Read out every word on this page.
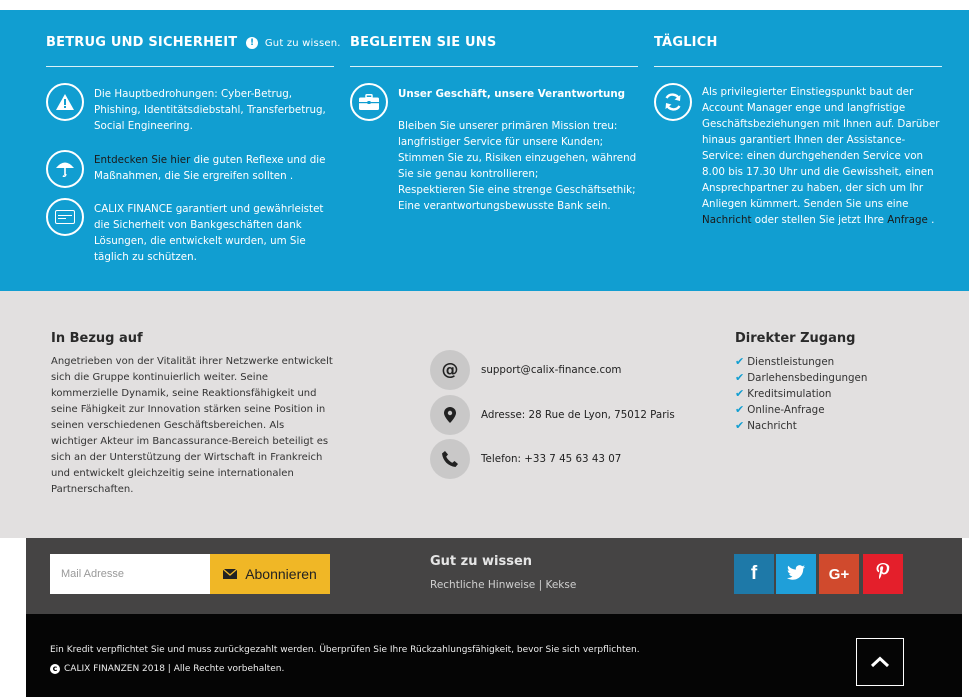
BETRUG UND SICHERHEIT ! Gut zu wissen.

Die Hauptbedrohungen: Cyber-Betrug, Phishing, Identitätsdiebstahl, Transferbetrug, Social Engineering.

Entdecken Sie hier die guten Reflexe und die Maßnahmen, die Sie ergreifen sollten .

CALIX FINANCE garantiert und gewährleistet die Sicherheit von Bankgeschäften dank Lösungen, die entwickelt wurden, um Sie täglich zu schützen.

BEGLEITEN SIE UNS

Unser Geschäft, unsere Verantwortung

Bleiben Sie unserer primären Mission treu: langfristiger Service für unsere Kunden;

Stimmen Sie zu, Risiken einzugehen, während Sie sie genau kontrollieren;

Respektieren Sie eine strenge Geschäftsethik; Eine verantwortungsbewusste Bank sein.

TÄGLICH

Als privilegierter Einstiegspunkt baut der Account Manager enge und langfristige Geschäftsbeziehungen mit Ihnen auf. Darüber hinaus garantiert Ihnen der Assistance-Service: einen durchgehenden Service von 8.00 bis 17.30 Uhr und die Gewissheit, einen Ansprechpartner zu haben, der sich um Ihr Anliegen kümmert. Senden Sie uns eine Nachricht oder stellen Sie jetzt Ihre Anfrage .

In Bezug auf

Angetrieben von der Vitalität ihrer Netzwerke entwickelt sich die Gruppe kontinuierlich weiter. Seine kommerzielle Dynamik, seine Reaktionsfähigkeit und seine Fähigkeit zur Innovation stärken seine Position in seinen verschiedenen Geschäftsbereichen. Als wichtiger Akteur im Bancassurance-Bereich beteiligt es sich an der Unterstützung der Wirtschaft in Frankreich und entwickelt gleichzeitig seine internationalen Partnerschaften.

@	support@calix-finance.com
Adresse: 28 Rue de Lyon, 75012 Paris
Telefon: +33 7 45 63 43 07
Direkter Zugang
✔ Dienstleistungen
✔ Darlehensbedingungen
✔ Kreditsimulation
✔ Online-Anfrage
✔ Nachricht
Mail Adresse
Abonnieren
Gut zu wissen
Rechtliche Hinweise | Kekse
f	G+

Ein Kredit verpflichtet Sie und muss zurückgezahlt werden. Überprüfen Sie Ihre Rückzahlungsfähigkeit, bevor Sie sich verpflichten.

c CALIX FINANZEN 2018 | Alle Rechte vorbehalten.
